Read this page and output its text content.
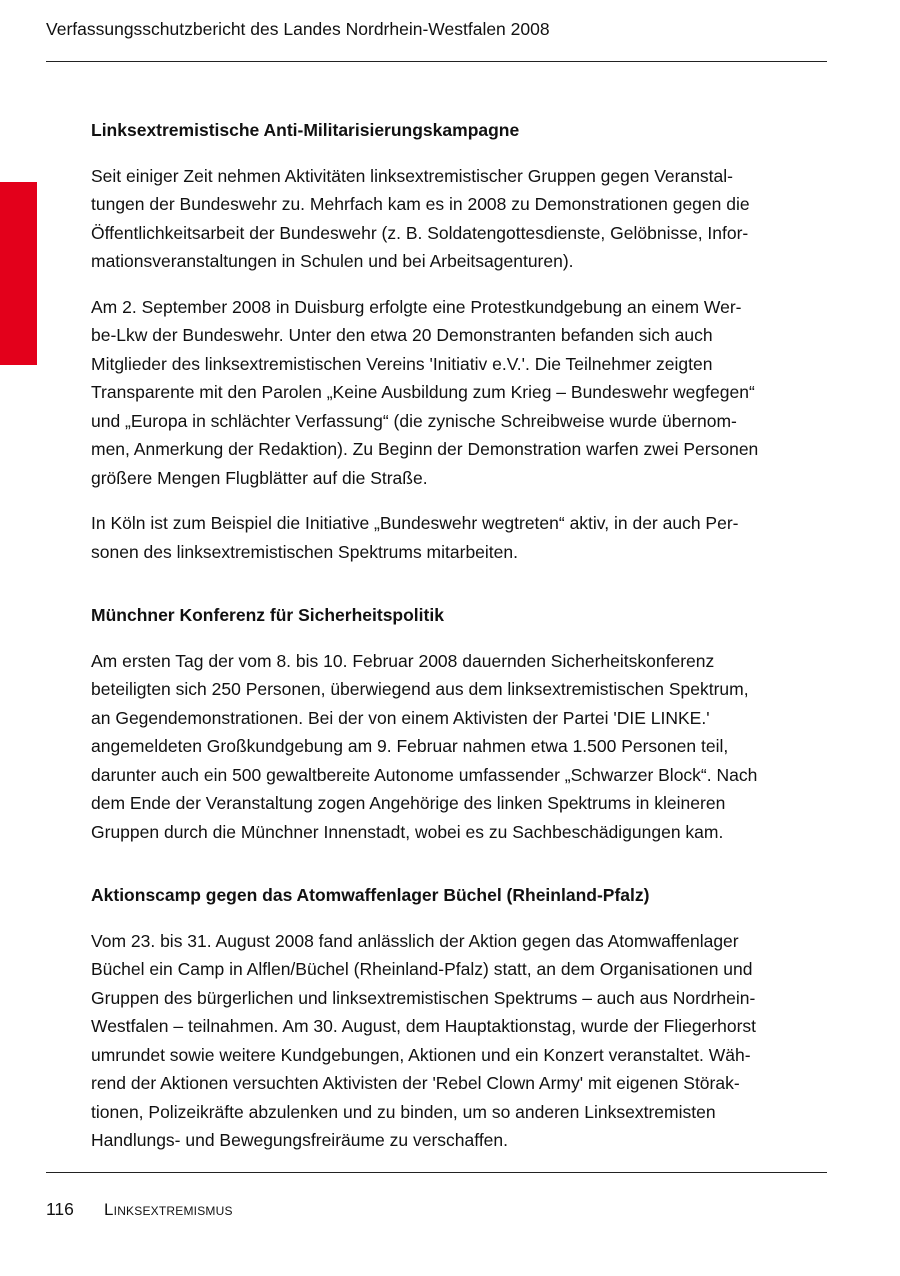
Verfassungsschutzbericht des Landes Nordrhein-Westfalen 2008
Linksextremistische Anti-Militarisierungskampagne
Seit einiger Zeit nehmen Aktivitäten linksextremistischer Gruppen gegen Veranstal-
tungen der Bundeswehr zu. Mehrfach kam es in 2008 zu Demonstrationen gegen die
Öffentlichkeitsarbeit der Bundeswehr (z. B. Soldatengottesdienste, Gelöbnisse, Infor-
mationsveranstaltungen in Schulen und bei Arbeitsagenturen).
Am 2. September 2008 in Duisburg erfolgte eine Protestkundgebung an einem Wer-
be-Lkw der Bundeswehr. Unter den etwa 20 Demonstranten befanden sich auch
Mitglieder des linksextremistischen Vereins 'Initiativ e.V.'. Die Teilnehmer zeigten
Transparente mit den Parolen „Keine Ausbildung zum Krieg – Bundeswehr wegfegen“
und „Europa in schlächter Verfassung“ (die zynische Schreibweise wurde übernom-
men, Anmerkung der Redaktion). Zu Beginn der Demonstration warfen zwei Personen
größere Mengen Flugblätter auf die Straße.
In Köln ist zum Beispiel die Initiative „Bundeswehr wegtreten“ aktiv, in der auch Per-
sonen des linksextremistischen Spektrums mitarbeiten.
Münchner Konferenz für Sicherheitspolitik
Am ersten Tag der vom 8. bis 10. Februar 2008 dauernden Sicherheitskonferenz
beteiligten sich 250 Personen, überwiegend aus dem linksextremistischen Spektrum,
an Gegendemonstrationen. Bei der von einem Aktivisten der Partei 'DIE LINKE.'
angemeldeten Großkundgebung am 9. Februar nahmen etwa 1.500 Personen teil,
darunter auch ein 500 gewaltbereite Autonome umfassender „Schwarzer Block“. Nach
dem Ende der Veranstaltung zogen Angehörige des linken Spektrums in kleineren
Gruppen durch die Münchner Innenstadt, wobei es zu Sachbeschädigungen kam.
Aktionscamp gegen das Atomwaffenlager Büchel (Rheinland-Pfalz)
Vom 23. bis 31. August 2008 fand anlässlich der Aktion gegen das Atomwaffenlager
Büchel ein Camp in Alflen/Büchel (Rheinland-Pfalz) statt, an dem Organisationen und
Gruppen des bürgerlichen und linksextremistischen Spektrums – auch aus Nordrhein-
Westfalen – teilnahmen. Am 30. August, dem Hauptaktionstag, wurde der Fliegerhorst
umrundet sowie weitere Kundgebungen, Aktionen und ein Konzert veranstaltet. Wäh-
rend der Aktionen versuchten Aktivisten der 'Rebel Clown Army' mit eigenen Störak-
tionen, Polizeikräfte abzulenken und zu binden, um so anderen Linksextremisten
Handlungs- und Bewegungsfreiräume zu verschaffen.
116 Linksextremismus
